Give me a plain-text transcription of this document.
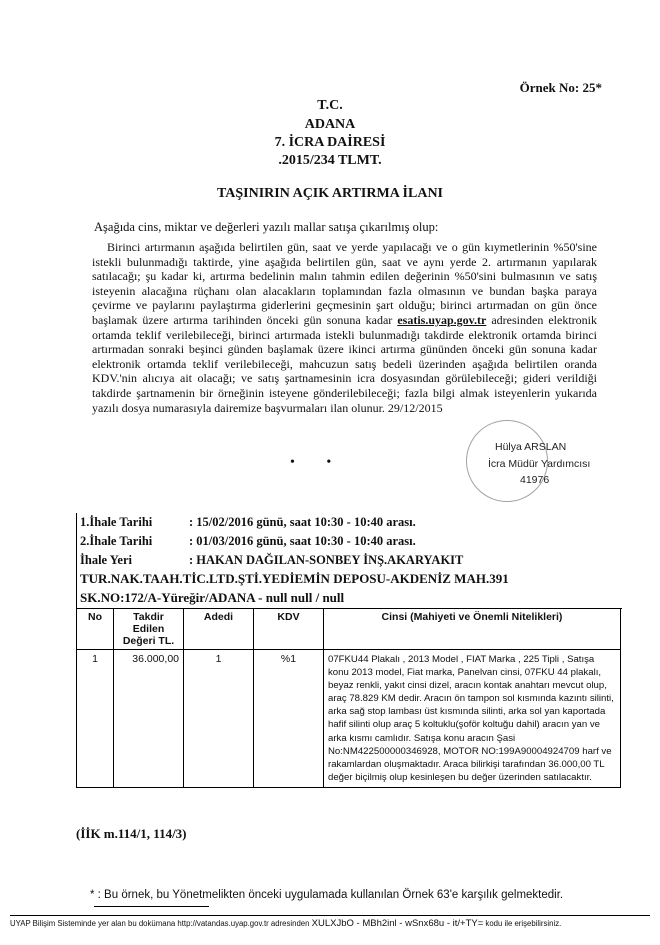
Örnek No: 25*
T.C.
ADANA
7. İCRA DAİRESİ
.2015/234 TLMT.
TAŞINIRIN AÇIK ARTIRMA İLANI
Aşağıda cins, miktar ve değerleri yazılı mallar satışa çıkarılmış olup:
Birinci artırmanın aşağıda belirtilen gün, saat ve yerde yapılacağı ve o gün kıymetlerinin %50'sine istekli bulunmadığı taktirde, yine aşağıda belirtilen gün, saat ve aynı yerde 2. artırmanın yapılarak satılacağı; şu kadar ki, artırma bedelinin malın tahmin edilen değerinin %50'sini bulmasının ve satış isteyenin alacağına rüçhanı olan alacakların toplamından fazla olmasının ve bundan başka paraya çevirme ve paylarını paylaştırma giderlerini geçmesinin şart olduğu; birinci artırmadan on gün önce başlamak üzere artırma tarihinden önceki gün sonuna kadar esatis.uyap.gov.tr adresinden elektronik ortamda teklif verilebileceği, birinci artırmada istekli bulunmadığı takdirde elektronik ortamda birinci artırmadan sonraki beşinci günden başlamak üzere ikinci artırma gününden önceki gün sonuna kadar elektronik ortamda teklif verilebileceği, mahcuzun satış bedeli üzerinden aşağıda belirtilen oranda KDV.'nin alıcıya ait olacağı; ve satış şartnamesinin icra dosyasından görülebileceği; gideri verildiği takdirde şartnamenin bir örneğinin isteyene gönderilebileceği; fazla bilgi almak isteyenlerin yukarıda yazılı dosya numarasıyla dairemize başvurmaları ilan olunur. 29/12/2015
Hülya ARSLAN
İcra Müdür Yardımcısı
41976
•         •
1.İhale Tarihi	: 15/02/2016 günü, saat 10:30 - 10:40 arası.
2.İhale Tarihi	: 01/03/2016 günü, saat 10:30 - 10:40 arası.
İhale Yeri	: HAKAN DAĞILAN-SONBEY İNŞ.AKARYAKIT
TUR.NAK.TAAH.TİC.LTD.ŞTİ.YEDİEMİN DEPOSU-AKDENİZ MAH.391
SK.NO:172/A-Yüreğir/ADANA - null null / null
No	Takdir Edilen Değeri TL.	Adedi	KDV	Cinsi (Mahiyeti ve Önemli Nitelikleri)
1	36.000,00	1	%1	07FKU44 Plakalı , 2013 Model , FIAT Marka , 225 Tipli , Satışa konu 2013 model, Fiat marka, Panelvan cinsi, 07FKU 44 plakalı, beyaz renkli, yakıt cinsi dizel, aracın kontak anahtarı mevcut olup, araç 78.829 KM dedir. Aracın ön tampon sol kısmında kazıntı silinti, arka sağ stop lambası üst kısmında silinti, arka sol yan kaportada hafif silinti olup araç 5 koltuklu(şoför koltuğu dahil) aracın yan ve arka kısmı camlıdır. Satışa konu aracın Şasi No:NM422500000346928, MOTOR NO:199A90004924709 harf ve rakamlardan oluşmaktadır. Araca bilirkişi tarafından 36.000,00 TL değer biçilmiş olup kesinleşen bu değer üzerinden satılacaktır.
(İİK m.114/1, 114/3)
* : Bu örnek, bu Yönetmelikten önceki uygulamada kullanılan Örnek 63'e karşılık gelmektedir.
UYAP Bilişim Sisteminde yer alan bu dokümana http://vatandas.uyap.gov.tr adresinden XULXJbO - MBh2inl - wSnx68u - it/+TY= kodu ile erişebilirsiniz.
